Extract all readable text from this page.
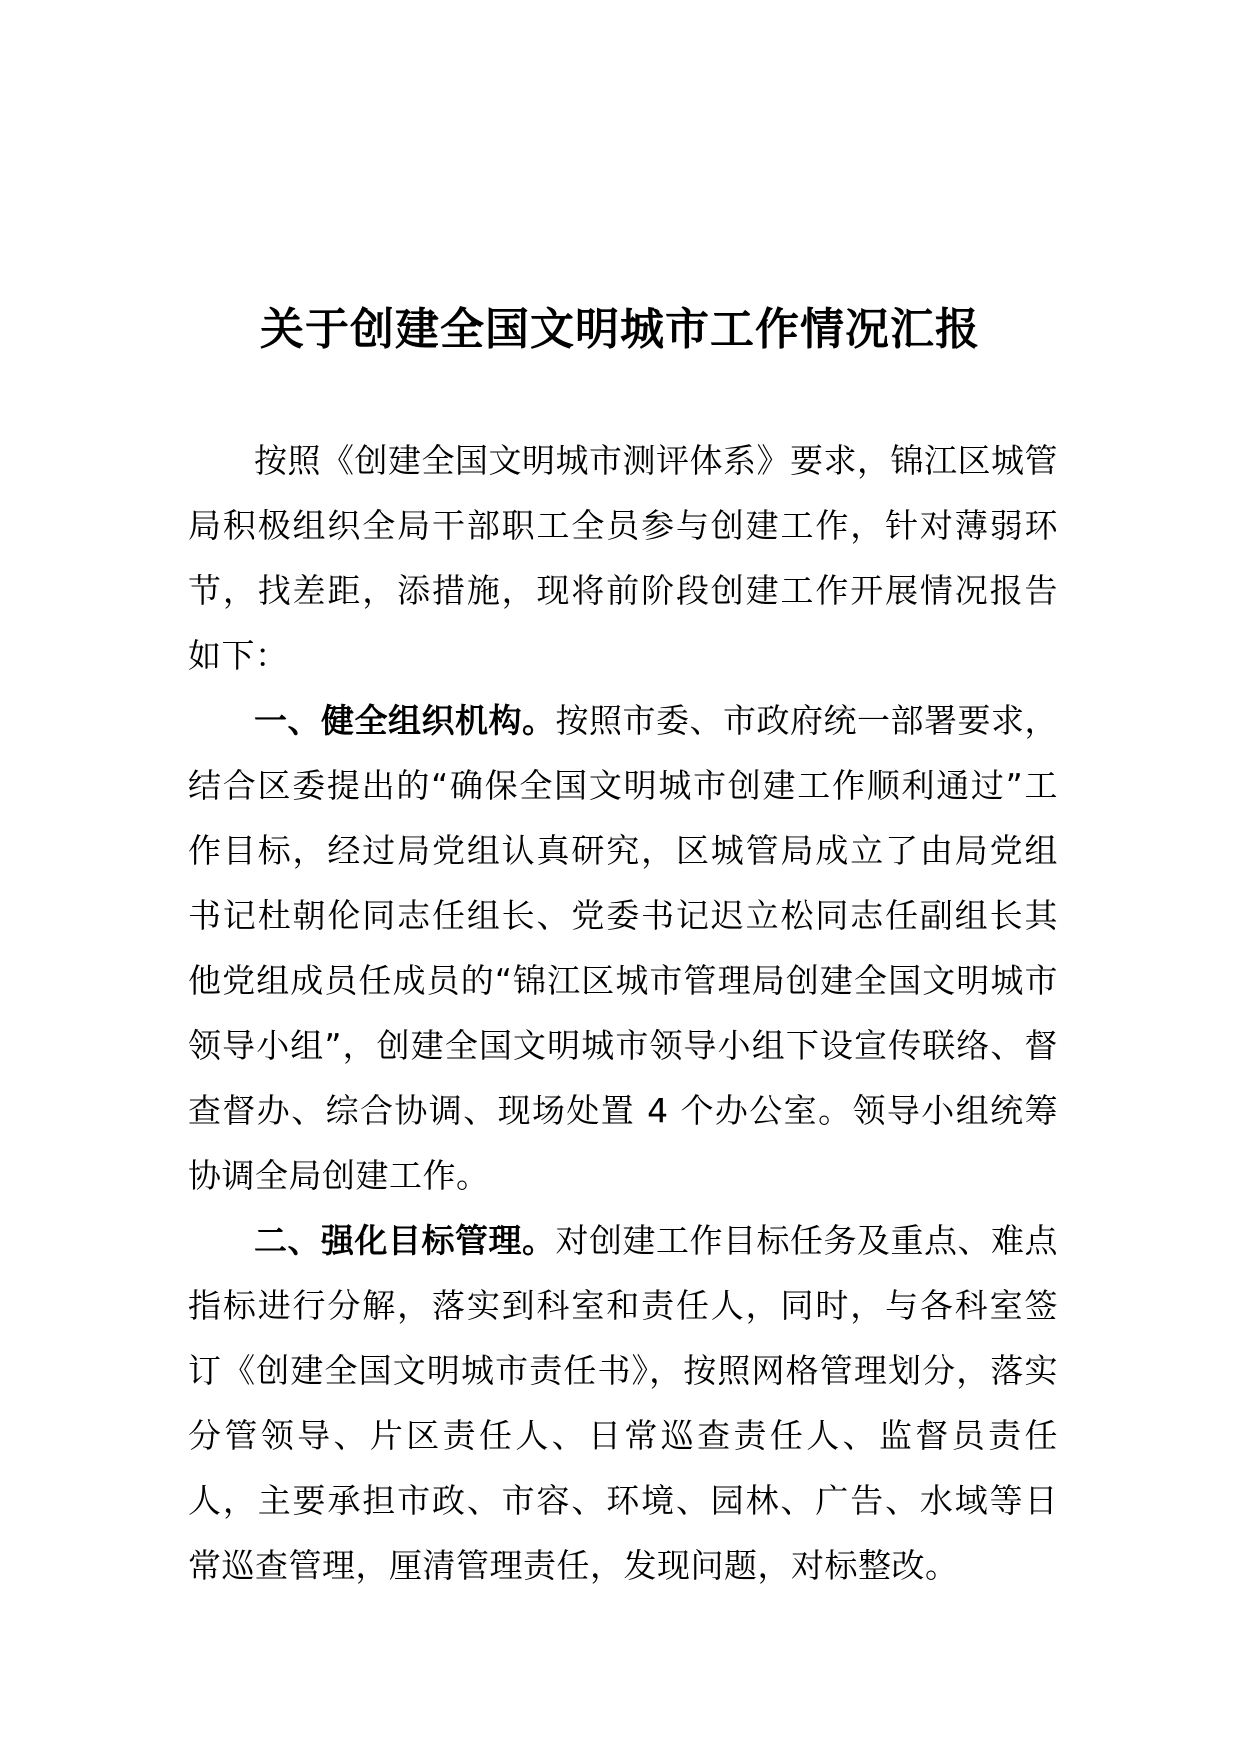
关于创建全国文明城市工作情况汇报

按照《创建全国文明城市测评体系》要求，锦江区城管局积极组织全局干部职工全员参与创建工作，针对薄弱环节，找差距，添措施，现将前阶段创建工作开展情况报告如下：

一、健全组织机构。按照市委、市政府统一部署要求，结合区委提出的“确保全国文明城市创建工作顺利通过”工作目标，经过局党组认真研究，区城管局成立了由局党组书记杜朝伦同志任组长、党委书记迟立松同志任副组长其他党组成员任成员的“锦江区城市管理局创建全国文明城市领导小组”，创建全国文明城市领导小组下设宣传联络、督查督办、综合协调、现场处置 4 个办公室。领导小组统筹协调全局创建工作。

二、强化目标管理。对创建工作目标任务及重点、难点指标进行分解，落实到科室和责任人，同时，与各科室签订《创建全国文明城市责任书》，按照网格管理划分，落实分管领导、片区责任人、日常巡查责任人、监督员责任人，主要承担市政、市容、环境、园林、广告、水域等日常巡查管理，厘清管理责任，发现问题，对标整改。
